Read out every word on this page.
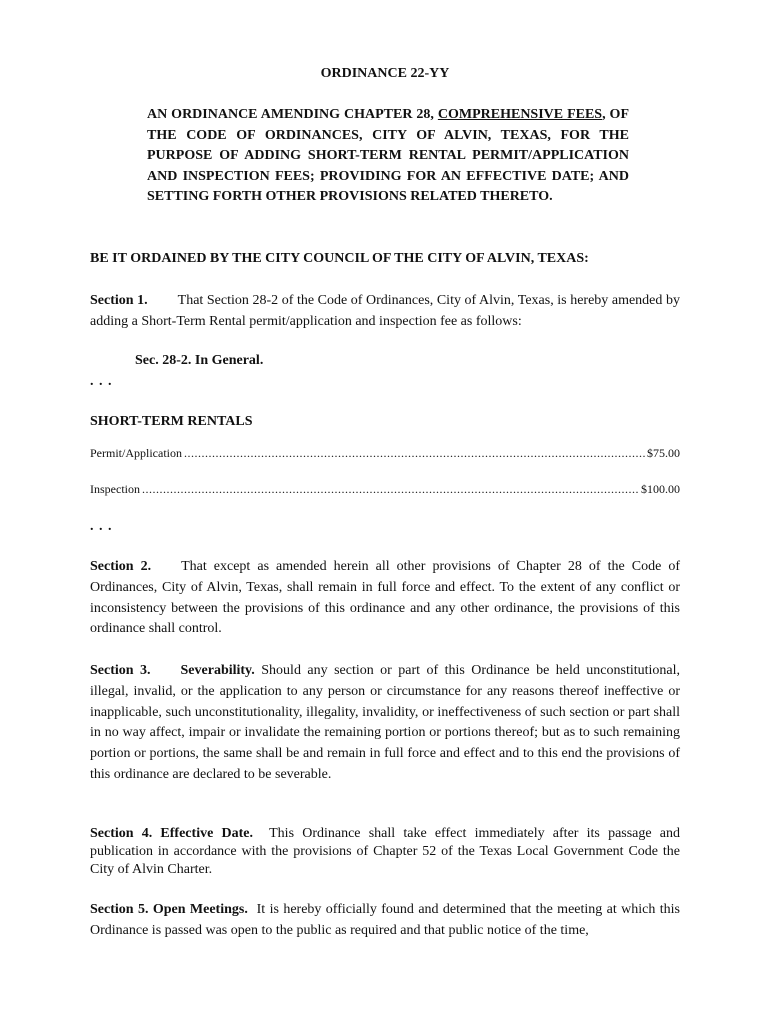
ORDINANCE 22-YY
AN ORDINANCE AMENDING CHAPTER 28, COMPREHENSIVE FEES, OF THE CODE OF ORDINANCES, CITY OF ALVIN, TEXAS, FOR THE PURPOSE OF ADDING SHORT-TERM RENTAL PERMIT/APPLICATION AND INSPECTION FEES; PROVIDING FOR AN EFFECTIVE DATE; AND SETTING FORTH OTHER PROVISIONS RELATED THERETO.
BE IT ORDAINED BY THE CITY COUNCIL OF THE CITY OF ALVIN, TEXAS:
Section 1. That Section 28-2 of the Code of Ordinances, City of Alvin, Texas, is hereby amended by adding a Short-Term Rental permit/application and inspection fee as follows:
Sec. 28-2. In General.
. . .
SHORT-TERM RENTALS
Permit/Application .....	$75.00
Inspection .....	$100.00
. . .
Section 2. That except as amended herein all other provisions of Chapter 28 of the Code of Ordinances, City of Alvin, Texas, shall remain in full force and effect. To the extent of any conflict or inconsistency between the provisions of this ordinance and any other ordinance, the provisions of this ordinance shall control.
Section 3. Severability. Should any section or part of this Ordinance be held unconstitutional, illegal, invalid, or the application to any person or circumstance for any reasons thereof ineffective or inapplicable, such unconstitutionality, illegality, invalidity, or ineffectiveness of such section or part shall in no way affect, impair or invalidate the remaining portion or portions thereof; but as to such remaining portion or portions, the same shall be and remain in full force and effect and to this end the provisions of this ordinance are declared to be severable.
Section 4. Effective Date. This Ordinance shall take effect immediately after its passage and publication in accordance with the provisions of Chapter 52 of the Texas Local Government Code the City of Alvin Charter.
Section 5. Open Meetings. It is hereby officially found and determined that the meeting at which this Ordinance is passed was open to the public as required and that public notice of the time,
